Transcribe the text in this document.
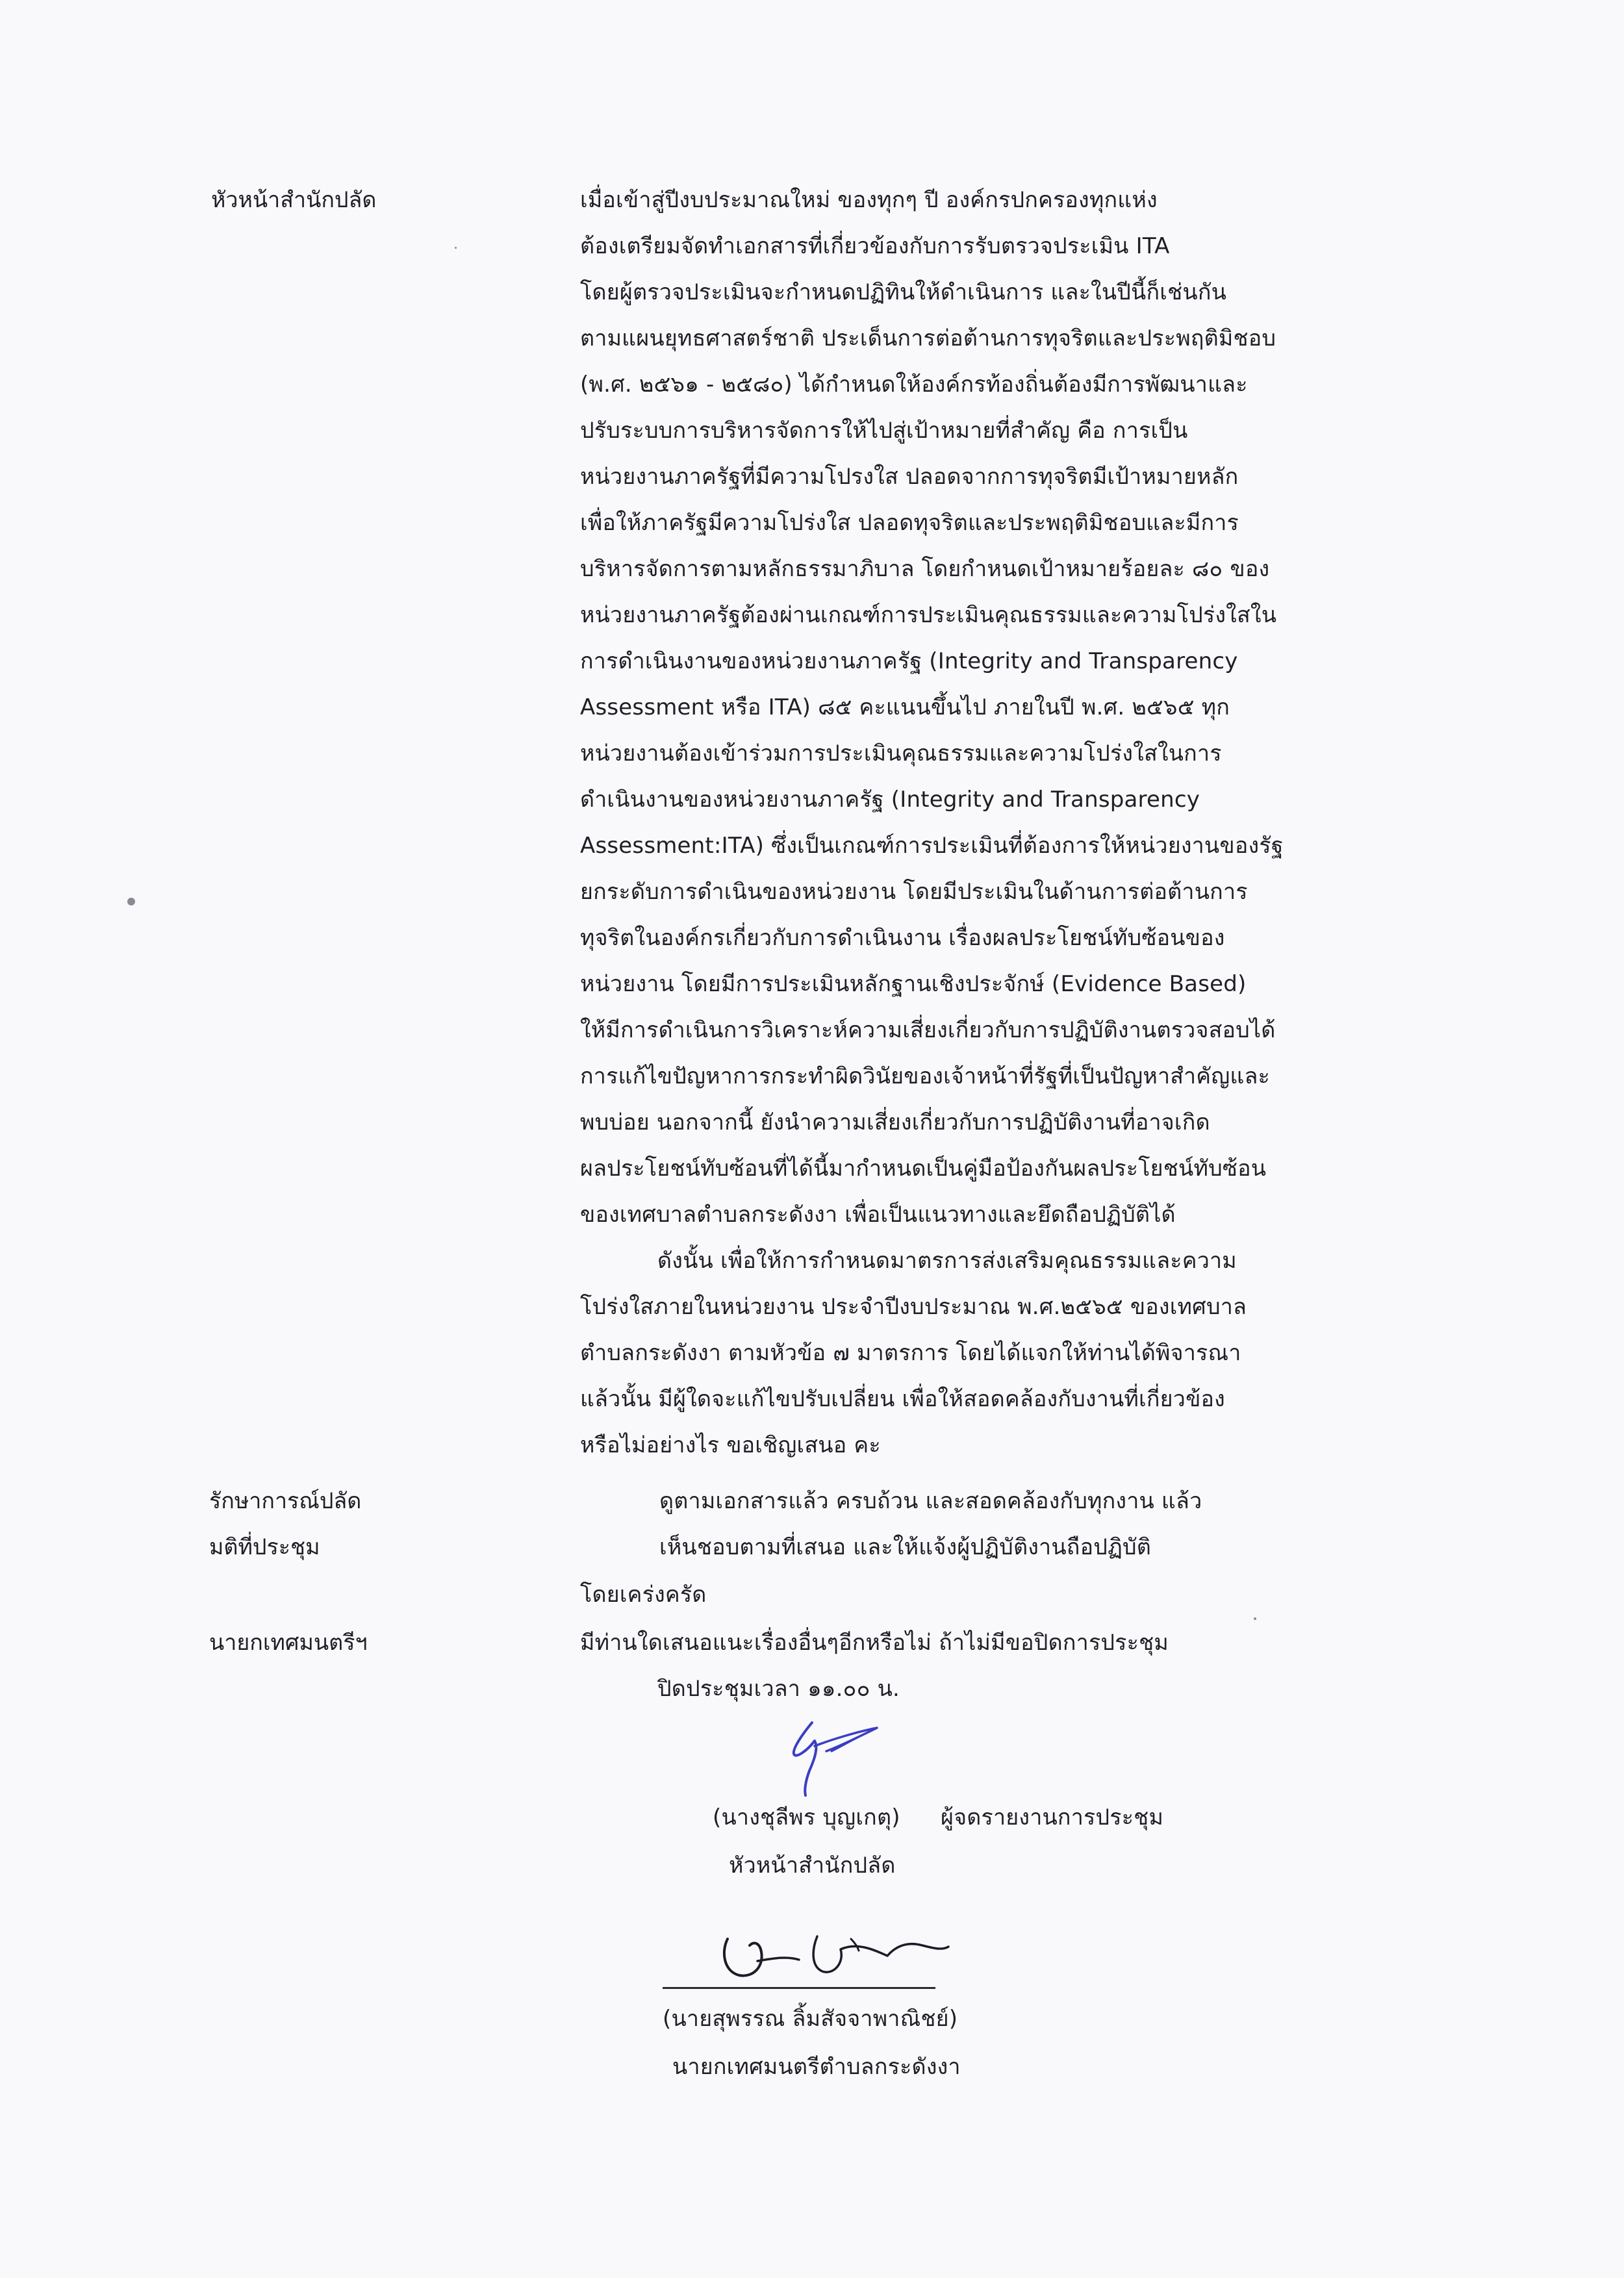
หัวหน้าสำนักปลัด
รักษาการณ์ปลัด
มติที่ประชุม
นายกเทศมนตรีฯ
เมื่อเข้าสู่ปีงบประมาณใหม่ ของทุกๆ ปี องค์กรปกครองทุกแห่ง
ต้องเตรียมจัดทำเอกสารที่เกี่ยวข้องกับการรับตรวจประเมิน ITA
โดยผู้ตรวจประเมินจะกำหนดปฏิทินให้ดำเนินการ และในปีนี้ก็เช่นกัน
ตามแผนยุทธศาสตร์ชาติ ประเด็นการต่อต้านการทุจริตและประพฤติมิชอบ
(พ.ศ. ๒๕๖๑ - ๒๕๘๐) ได้กำหนดให้องค์กรท้องถิ่นต้องมีการพัฒนาและ
ปรับระบบการบริหารจัดการให้ไปสู่เป้าหมายที่สำคัญ คือ การเป็น
หน่วยงานภาครัฐที่มีความโปรงใส ปลอดจากการทุจริตมีเป้าหมายหลัก
เพื่อให้ภาครัฐมีความโปร่งใส ปลอดทุจริตและประพฤติมิชอบและมีการ
บริหารจัดการตามหลักธรรมาภิบาล โดยกำหนดเป้าหมายร้อยละ ๘๐ ของ
หน่วยงานภาครัฐต้องผ่านเกณฑ์การประเมินคุณธรรมและความโปร่งใสใน
การดำเนินงานของหน่วยงานภาครัฐ (Integrity and Transparency
Assessment หรือ ITA) ๘๕ คะแนนขึ้นไป ภายในปี พ.ศ. ๒๕๖๕ ทุก
หน่วยงานต้องเข้าร่วมการประเมินคุณธรรมและความโปร่งใสในการ
ดำเนินงานของหน่วยงานภาครัฐ (Integrity and Transparency
Assessment:ITA) ซึ่งเป็นเกณฑ์การประเมินที่ต้องการให้หน่วยงานของรัฐ
ยกระดับการดำเนินของหน่วยงาน โดยมีประเมินในด้านการต่อต้านการ
ทุจริตในองค์กรเกี่ยวกับการดำเนินงาน เรื่องผลประโยชน์ทับซ้อนของ
หน่วยงาน โดยมีการประเมินหลักฐานเชิงประจักษ์ (Evidence Based)
ให้มีการดำเนินการวิเคราะห์ความเสี่ยงเกี่ยวกับการปฏิบัติงานตรวจสอบได้
การแก้ไขปัญหาการกระทำผิดวินัยของเจ้าหน้าที่รัฐที่เป็นปัญหาสำคัญและ
พบบ่อย นอกจากนี้ ยังนำความเสี่ยงเกี่ยวกับการปฏิบัติงานที่อาจเกิด
ผลประโยชน์ทับซ้อนที่ได้นี้มากำหนดเป็นคู่มือป้องกันผลประโยชน์ทับซ้อน
ของเทศบาลตำบลกระดังงา เพื่อเป็นแนวทางและยึดถือปฏิบัติได้
ดังนั้น เพื่อให้การกำหนดมาตรการส่งเสริมคุณธรรมและความ
โปร่งใสภายในหน่วยงาน ประจำปีงบประมาณ พ.ศ.๒๕๖๕ ของเทศบาล
ตำบลกระดังงา ตามหัวข้อ ๗ มาตรการ โดยได้แจกให้ท่านได้พิจารณา
แล้วนั้น มีผู้ใดจะแก้ไขปรับเปลี่ยน เพื่อให้สอดคล้องกับงานที่เกี่ยวข้อง
หรือไม่อย่างไร ขอเชิญเสนอ คะ
ดูตามเอกสารแล้ว ครบถ้วน และสอดคล้องกับทุกงาน แล้ว
เห็นชอบตามที่เสนอ และให้แจ้งผู้ปฏิบัติงานถือปฏิบัติ
โดยเคร่งครัด
มีท่านใดเสนอแนะเรื่องอื่นๆอีกหรือไม่ ถ้าไม่มีขอปิดการประชุม
ปิดประชุมเวลา ๑๑.๐๐ น.
(นางชุลีพร บุญเกตุ) ผู้จดรายงานการประชุม
หัวหน้าสำนักปลัด
(นายสุพรรณ ลิ้มสัจจาพาณิชย์)
นายกเทศมนตรีตำบลกระดังงา
